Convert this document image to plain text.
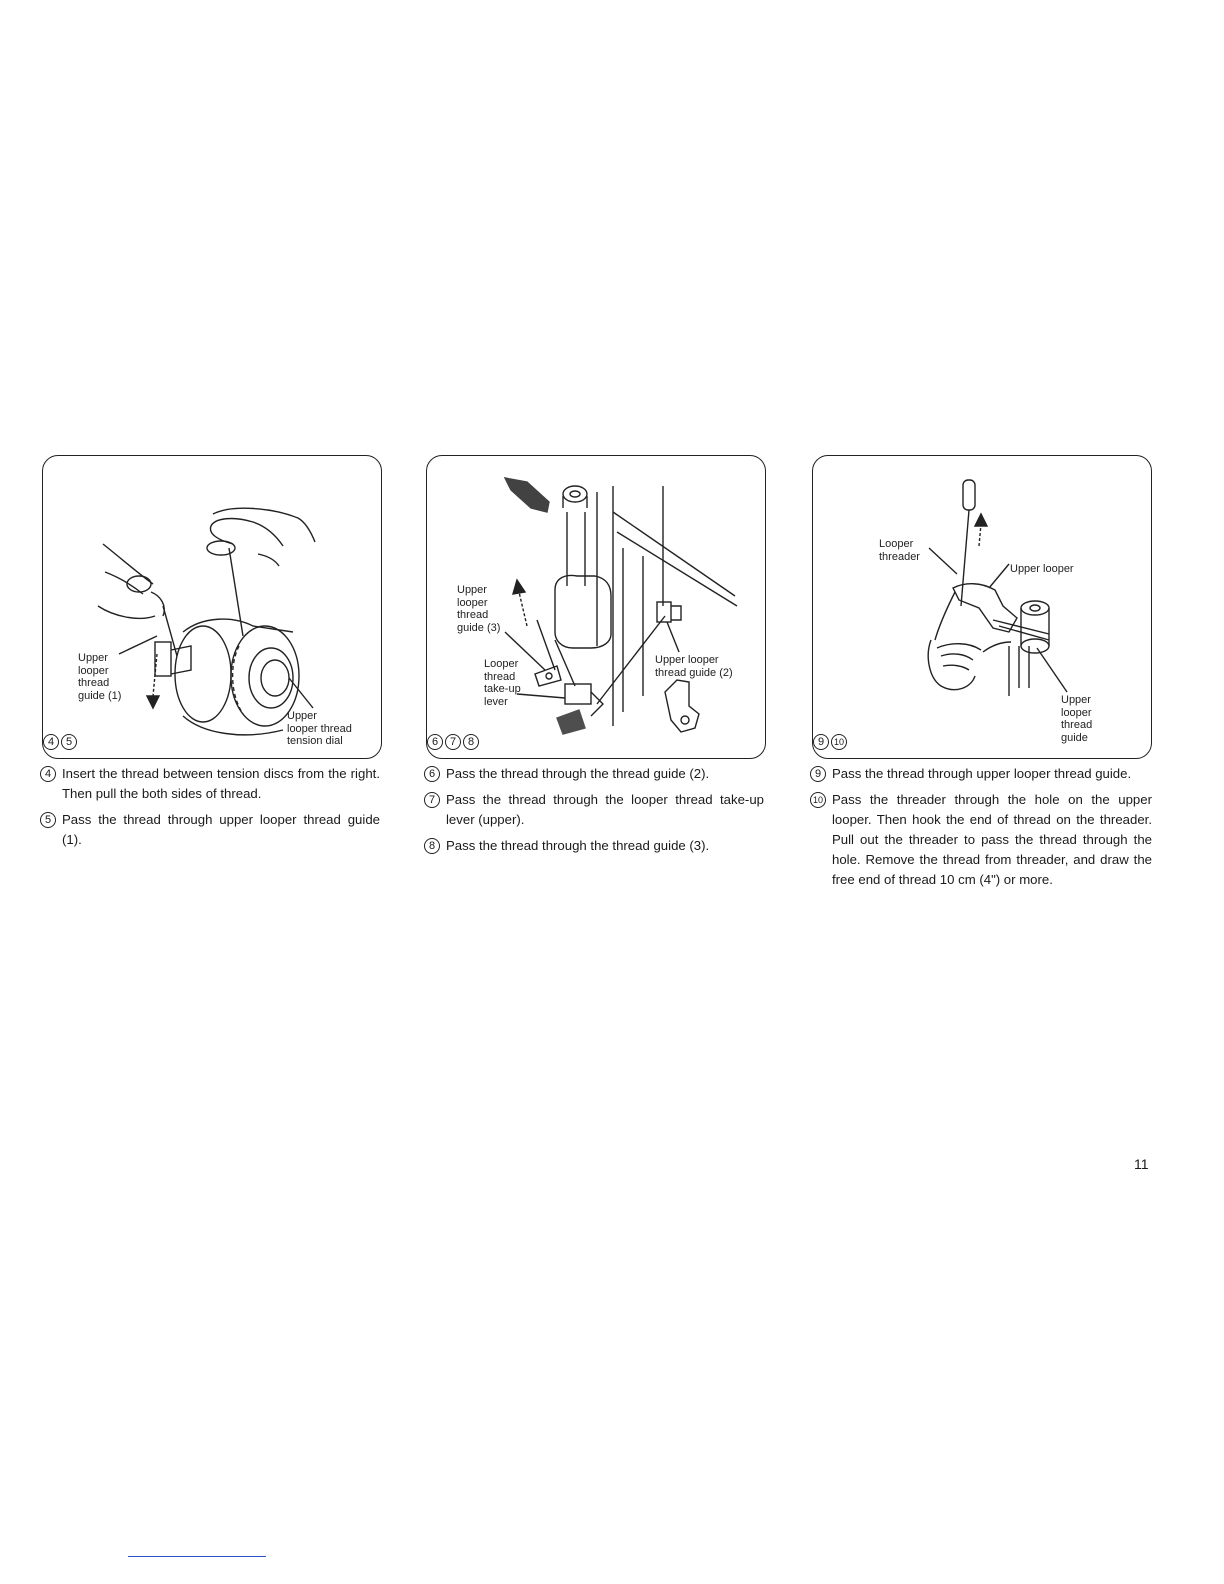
Upper
looper
thread
guide (1)
Upper
looper thread
tension dial
4	5
Upper
looper
thread
guide (3)
Looper
thread
take-up
lever
Upper looper
thread guide (2)
6	7	8
Looper
threader
Upper looper
Upper
looper
thread
guide
9	10
4 Insert the thread between tension discs from the right. Then pull the both sides of thread.
5 Pass the thread through upper looper thread guide (1).
6 Pass the thread through the thread guide (2).
7 Pass the thread through the looper thread take-up lever (upper).
8 Pass the thread through the thread guide (3).
9 Pass the thread through upper looper thread guide.
10 Pass the threader through the hole on the upper looper. Then hook the end of thread on the threader. Pull out the threader to pass the thread through the hole. Remove the thread from threader, and draw the free end of thread 10 cm (4") or more.
11
